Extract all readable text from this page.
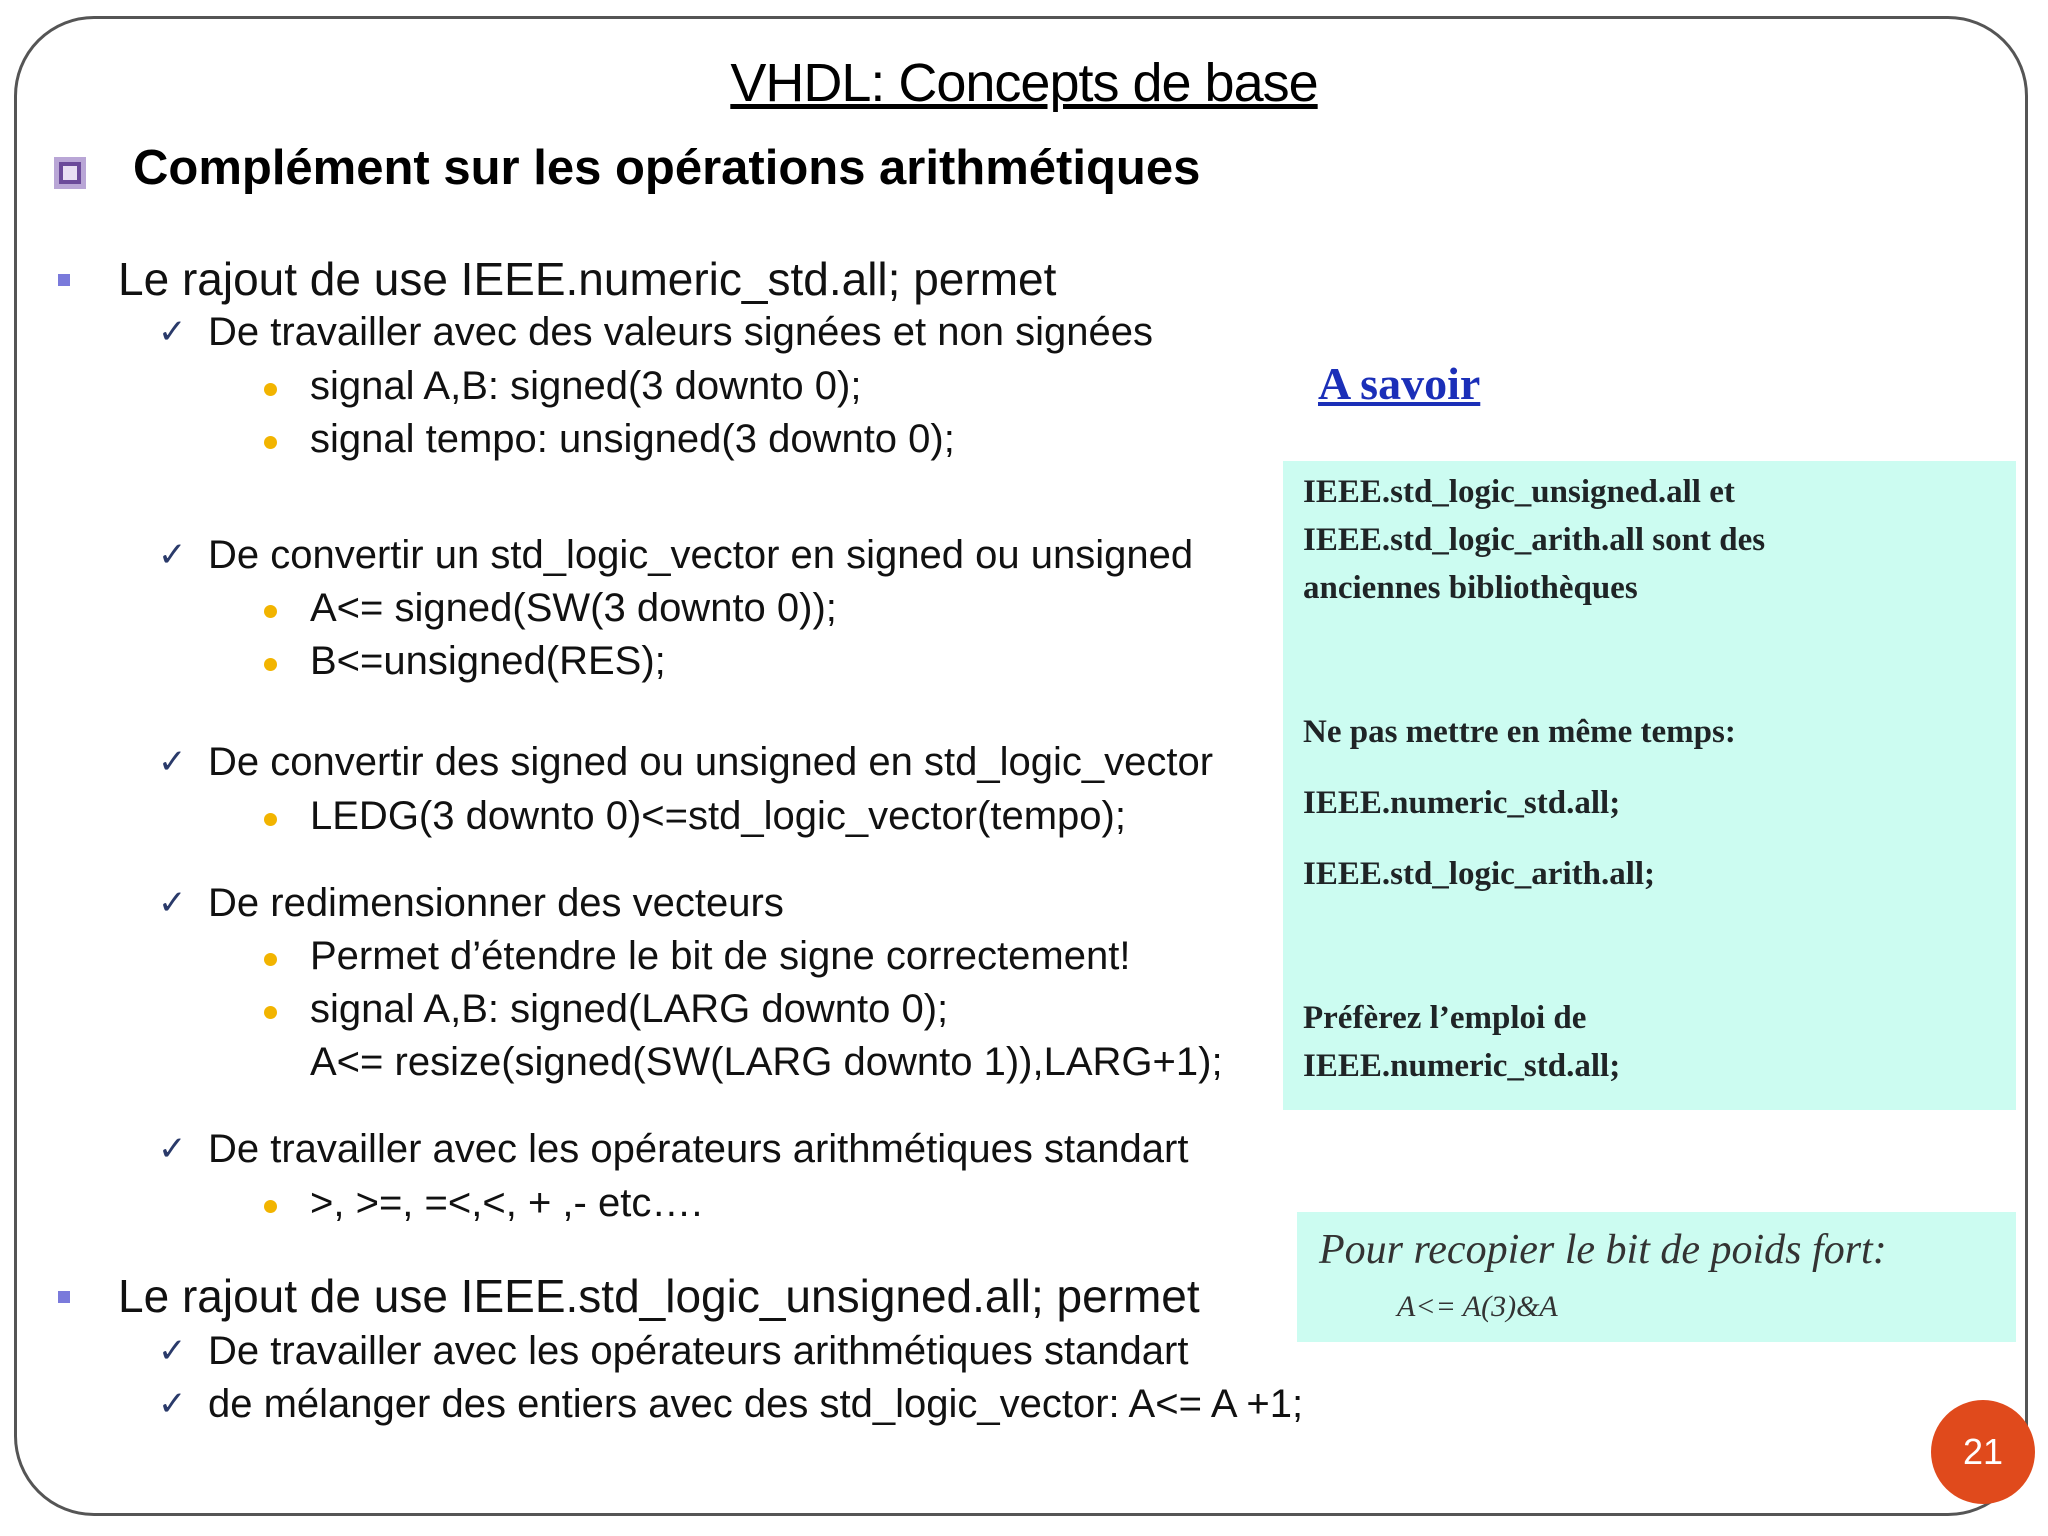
VHDL: Concepts de base
Complément sur les opérations arithmétiques
Le rajout de use IEEE.numeric_std.all; permet
✓ De travailler avec des valeurs signées et non signées
signal A,B: signed(3 downto 0);
signal tempo: unsigned(3 downto 0);
✓ De convertir un std_logic_vector en signed ou unsigned
A<= signed(SW(3 downto 0));
B<=unsigned(RES);
✓ De convertir des signed ou unsigned en std_logic_vector
LEDG(3 downto 0)<=std_logic_vector(tempo);
✓ De redimensionner des vecteurs
Permet d’étendre le bit de signe correctement!
signal A,B: signed(LARG downto 0);
A<= resize(signed(SW(LARG downto 1)),LARG+1);
✓ De travailler avec les opérateurs arithmétiques standart
>, >=, =<,<, + ,- etc….
Le rajout de use IEEE.std_logic_unsigned.all; permet
✓ De travailler avec les opérateurs arithmétiques standart
✓ de mélanger des entiers avec des std_logic_vector: A<= A +1;
A savoir
IEEE.std_logic_unsigned.all et
IEEE.std_logic_arith.all sont des
anciennes bibliothèques
Ne pas mettre en même temps:
IEEE.numeric_std.all;
IEEE.std_logic_arith.all;
Préfèrez l’emploi de
IEEE.numeric_std.all;
Pour recopier le bit de poids fort:
A<= A(3)&A
21
